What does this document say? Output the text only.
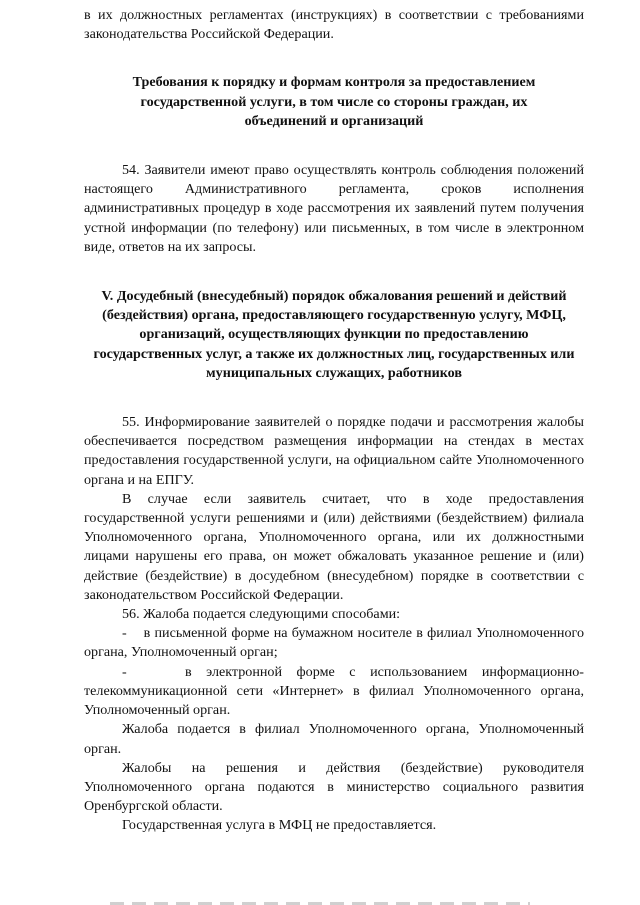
в их должностных регламентах (инструкциях) в соответствии с требованиями законодательства Российской Федерации.

Требования к порядку и формам контроля за предоставлением государственной услуги, в том числе со стороны граждан, их объединений и организаций

54. Заявители имеют право осуществлять контроль соблюдения положений настоящего Административного регламента, сроков исполнения административных процедур в ходе рассмотрения их заявлений путем получения устной информации (по телефону) или письменных, в том числе в электронном виде, ответов на их запросы.

V. Досудебный (внесудебный) порядок обжалования решений и действий (бездействия) органа, предоставляющего государственную услугу, МФЦ, организаций, осуществляющих функции по предоставлению государственных услуг, а также их должностных лиц, государственных или муниципальных служащих, работников

55. Информирование заявителей о порядке подачи и рассмотрения жалобы обеспечивается посредством размещения информации на стендах в местах предоставления государственной услуги, на официальном сайте Уполномоченного органа и на ЕПГУ.

В случае если заявитель считает, что в ходе предоставления государственной услуги решениями и (или) действиями (бездействием) филиала Уполномоченного органа, Уполномоченного органа, или их должностными лицами нарушены его права, он может обжаловать указанное решение и (или) действие (бездействие) в досудебном (внесудебном) порядке в соответствии с законодательством Российской Федерации.

56. Жалоба подается следующими способами:

-    в письменной форме на бумажном носителе в филиал Уполномоченного органа, Уполномоченный орган;

-    в электронной форме с использованием информационно-телекоммуникационной сети «Интернет» в филиал Уполномоченного органа, Уполномоченный орган.

Жалоба подается в филиал Уполномоченного органа, Уполномоченный орган.

Жалобы на решения и действия (бездействие) руководителя Уполномоченного органа подаются в министерство социального развития Оренбургской области.

Государственная услуга в МФЦ не предоставляется.
